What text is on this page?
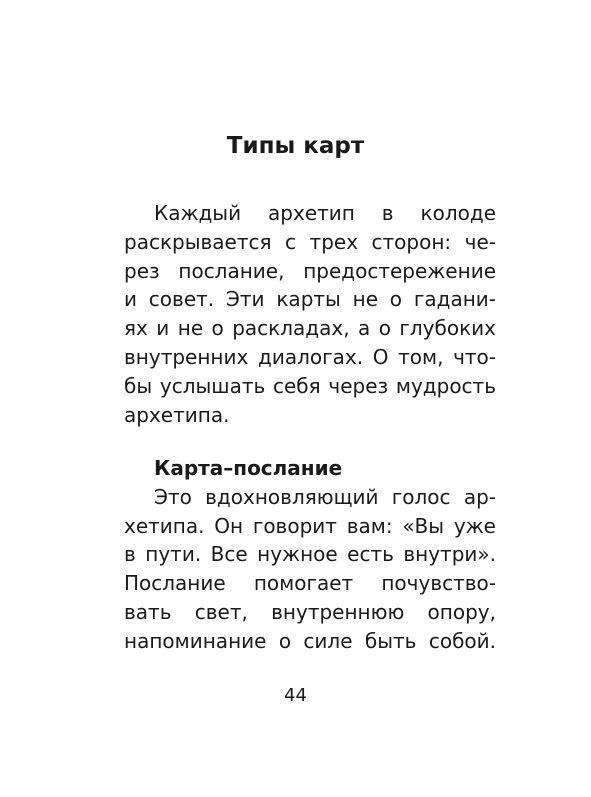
Типы карт
Каждый архетип в колоде
раскрывается с трех сторон: че-
рез послание, предостережение
и совет. Эти карты не о гадани-
ях и не о раскладах, а о глубоких
внутренних диалогах. О том, что-
бы услышать себя через мудрость
архетипа.
Карта–послание
Это вдохновляющий голос ар-
хетипа. Он говорит вам: «Вы уже
в пути. Все нужное есть внутри».
Послание помогает почувство-
вать свет, внутреннюю опору,
напоминание о силе быть собой.
44
